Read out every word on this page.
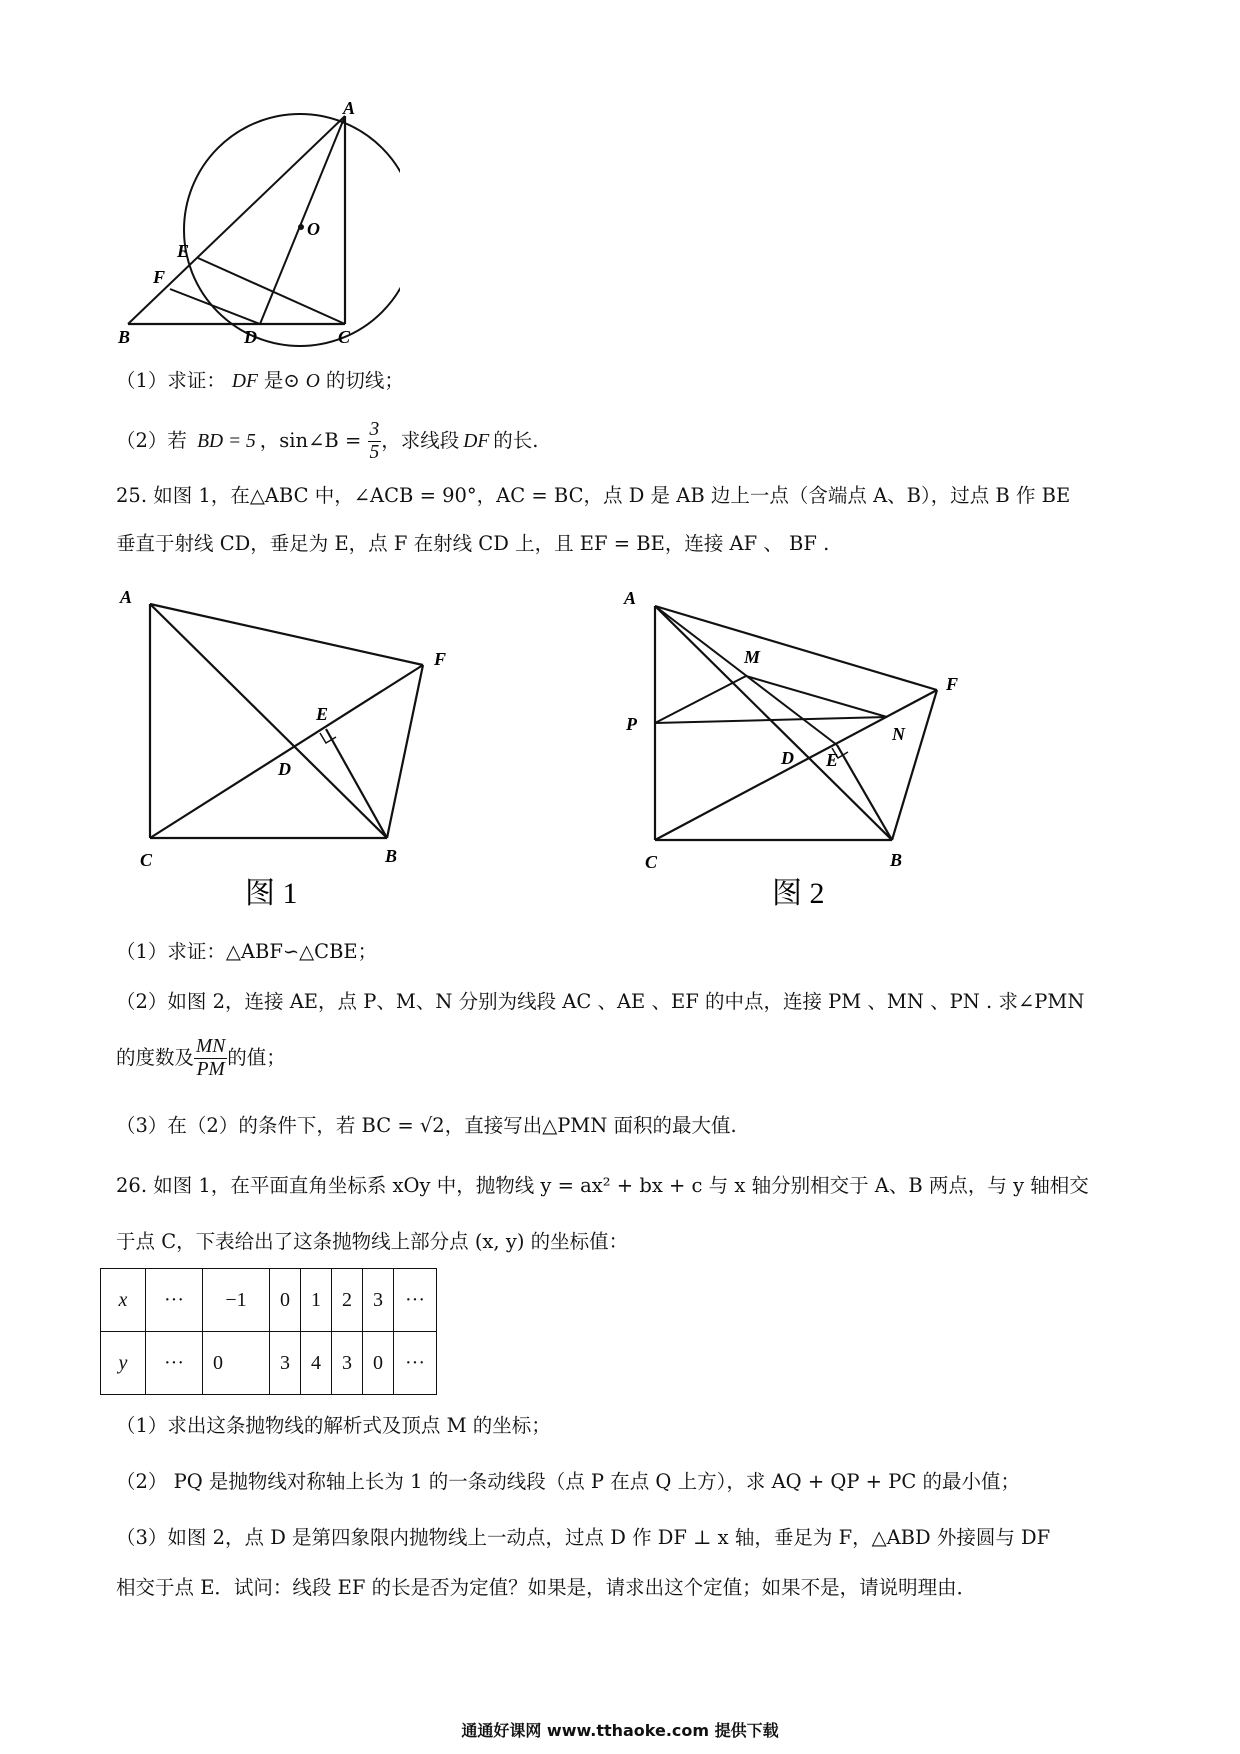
A
O
E
F
B	D	C
（1）求证： DF 是⊙ O 的切线；
（2）若 BD = 5 ，sin∠B = $\frac{3}{5}$ ，求线段 DF 的长.
25. 如图 1，在△ABC 中，∠ACB = 90°，AC = BC，点 D 是 AB 边上一点（含端点 A、B），过点 B 作 BE
垂直于射线 CD，垂足为 E，点 F 在射线 CD 上，且 EF = BE，连接 AF 、 BF .
A
F
E
D
C	B
图 1
A
M
F
P	N
D E
C	B
图 2
（1）求证：△ABF∽△CBE；
（2）如图 2，连接 AE，点 P、M、N 分别为线段 AC 、AE 、EF 的中点，连接 PM 、MN 、PN . 求∠PMN
的度数及 $\frac{MN}{PM}$ 的值；
（3）在（2）的条件下，若 BC = √2，直接写出△PMN 面积的最大值.
26. 如图 1，在平面直角坐标系 xOy 中，抛物线 y = ax² + bx + c 与 x 轴分别相交于 A、B 两点，与 y 轴相交
于点 C，下表给出了这条抛物线上部分点 (x, y) 的坐标值：
x	···	−1	0	1	2	3	···
y	···	0	3	4	3	0	···
（1）求出这条抛物线的解析式及顶点 M 的坐标；
（2） PQ 是抛物线对称轴上长为 1 的一条动线段（点 P 在点 Q 上方），求 AQ + QP + PC 的最小值；
（3）如图 2，点 D 是第四象限内抛物线上一动点，过点 D 作 DF ⊥ x 轴，垂足为 F，△ABD 外接圆与 DF
相交于点 E．试问：线段 EF 的长是否为定值？如果是，请求出这个定值；如果不是，请说明理由．
通通好课网 www.tthaoke.com 提供下载
